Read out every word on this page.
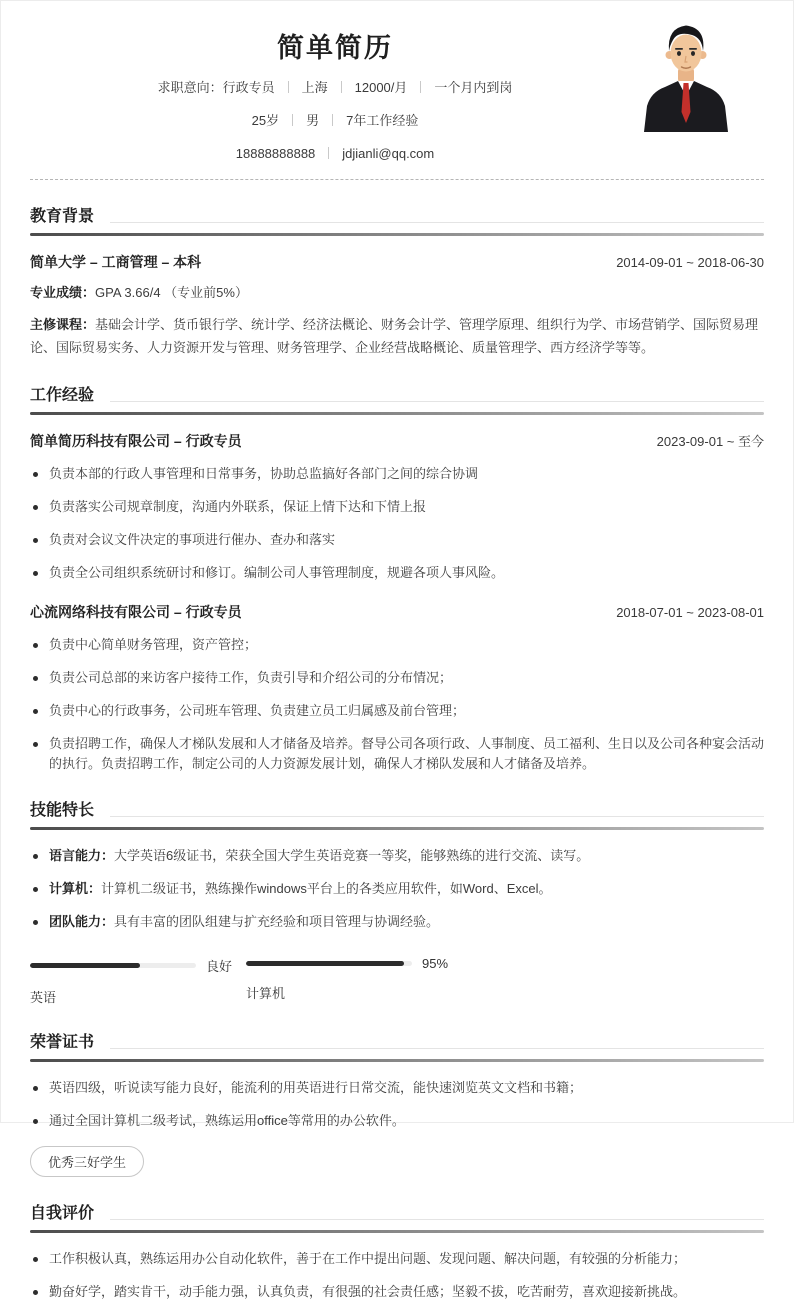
简单简历
求职意向：行政专员 上海 12000/月 一个月内到岗
25岁 男 7年工作经验
18888888888 jdjianli@qq.com
教育背景
简单大学 – 工商管理 – 本科	2014-09-01 ~ 2018-06-30
专业成绩：GPA 3.66/4 （专业前5%）
主修课程：基础会计学、货币银行学、统计学、经济法概论、财务会计学、管理学原理、组织行为学、市场营销学、国际贸易理论、国际贸易实务、人力资源开发与管理、财务管理学、企业经营战略概论、质量管理学、西方经济学等等。
工作经验
简单简历科技有限公司 – 行政专员	2023-09-01 ~ 至今
负责本部的行政人事管理和日常事务，协助总监搞好各部门之间的综合协调
负责落实公司规章制度，沟通内外联系，保证上情下达和下情上报
负责对会议文件决定的事项进行催办、查办和落实
负责全公司组织系统研讨和修订。编制公司人事管理制度，规避各项人事风险。
心流网络科技有限公司 – 行政专员	2018-07-01 ~ 2023-08-01
负责中心简单财务管理，资产管控；
负责公司总部的来访客户接待工作，负责引导和介绍公司的分布情况；
负责中心的行政事务，公司班车管理、负责建立员工归属感及前台管理；
负责招聘工作，确保人才梯队发展和人才储备及培养。督导公司各项行政、人事制度、员工福利、生日以及公司各种宴会活动的执行。负责招聘工作，制定公司的人力资源发展计划，确保人才梯队发展和人才储备及培养。
技能特长
语言能力：大学英语6级证书，荣获全国大学生英语竞赛一等奖，能够熟练的进行交流、读写。
计算机：计算机二级证书，熟练操作windows平台上的各类应用软件，如Word、Excel。
团队能力：具有丰富的团队组建与扩充经验和项目管理与协调经验。
良好
英语
95%
计算机
荣誉证书
英语四级，听说读写能力良好，能流利的用英语进行日常交流，能快速浏览英文文档和书籍；
通过全国计算机二级考试，熟练运用office等常用的办公软件。
优秀三好学生
自我评价
工作积极认真，熟练运用办公自动化软件，善于在工作中提出问题、发现问题、解决问题，有较强的分析能力；
勤奋好学，踏实肯干，动手能力强，认真负责，有很强的社会责任感；坚毅不拔，吃苦耐劳，喜欢迎接新挑战。
